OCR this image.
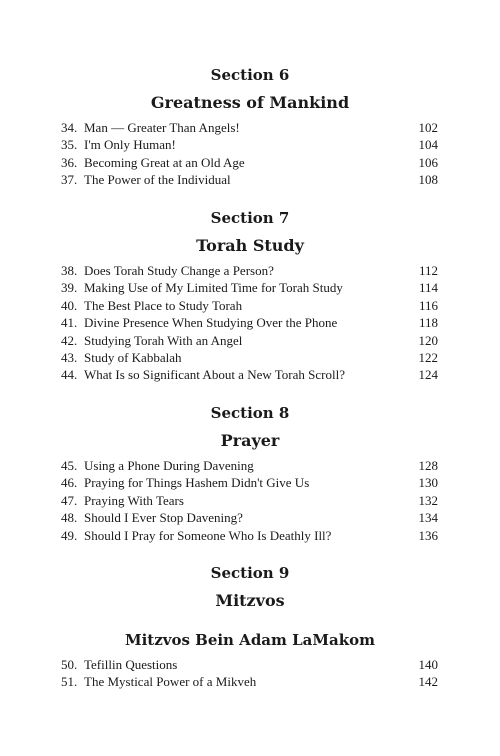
Section 6
Greatness of Mankind
34. Man — Greater Than Angels!	102
35. I'm Only Human!	104
36. Becoming Great at an Old Age	106
37. The Power of the Individual	108
Section 7
Torah Study
38. Does Torah Study Change a Person?	112
39. Making Use of My Limited Time for Torah Study	114
40. The Best Place to Study Torah	116
41. Divine Presence When Studying Over the Phone	118
42. Studying Torah With an Angel	120
43. Study of Kabbalah	122
44. What Is so Significant About a New Torah Scroll?	124
Section 8
Prayer
45. Using a Phone During Davening	128
46. Praying for Things Hashem Didn't Give Us	130
47. Praying With Tears	132
48. Should I Ever Stop Davening?	134
49. Should I Pray for Someone Who Is Deathly Ill?	136
Section 9
Mitzvos
Mitzvos Bein Adam LaMakom
50. Tefillin Questions	140
51. The Mystical Power of a Mikveh	142
